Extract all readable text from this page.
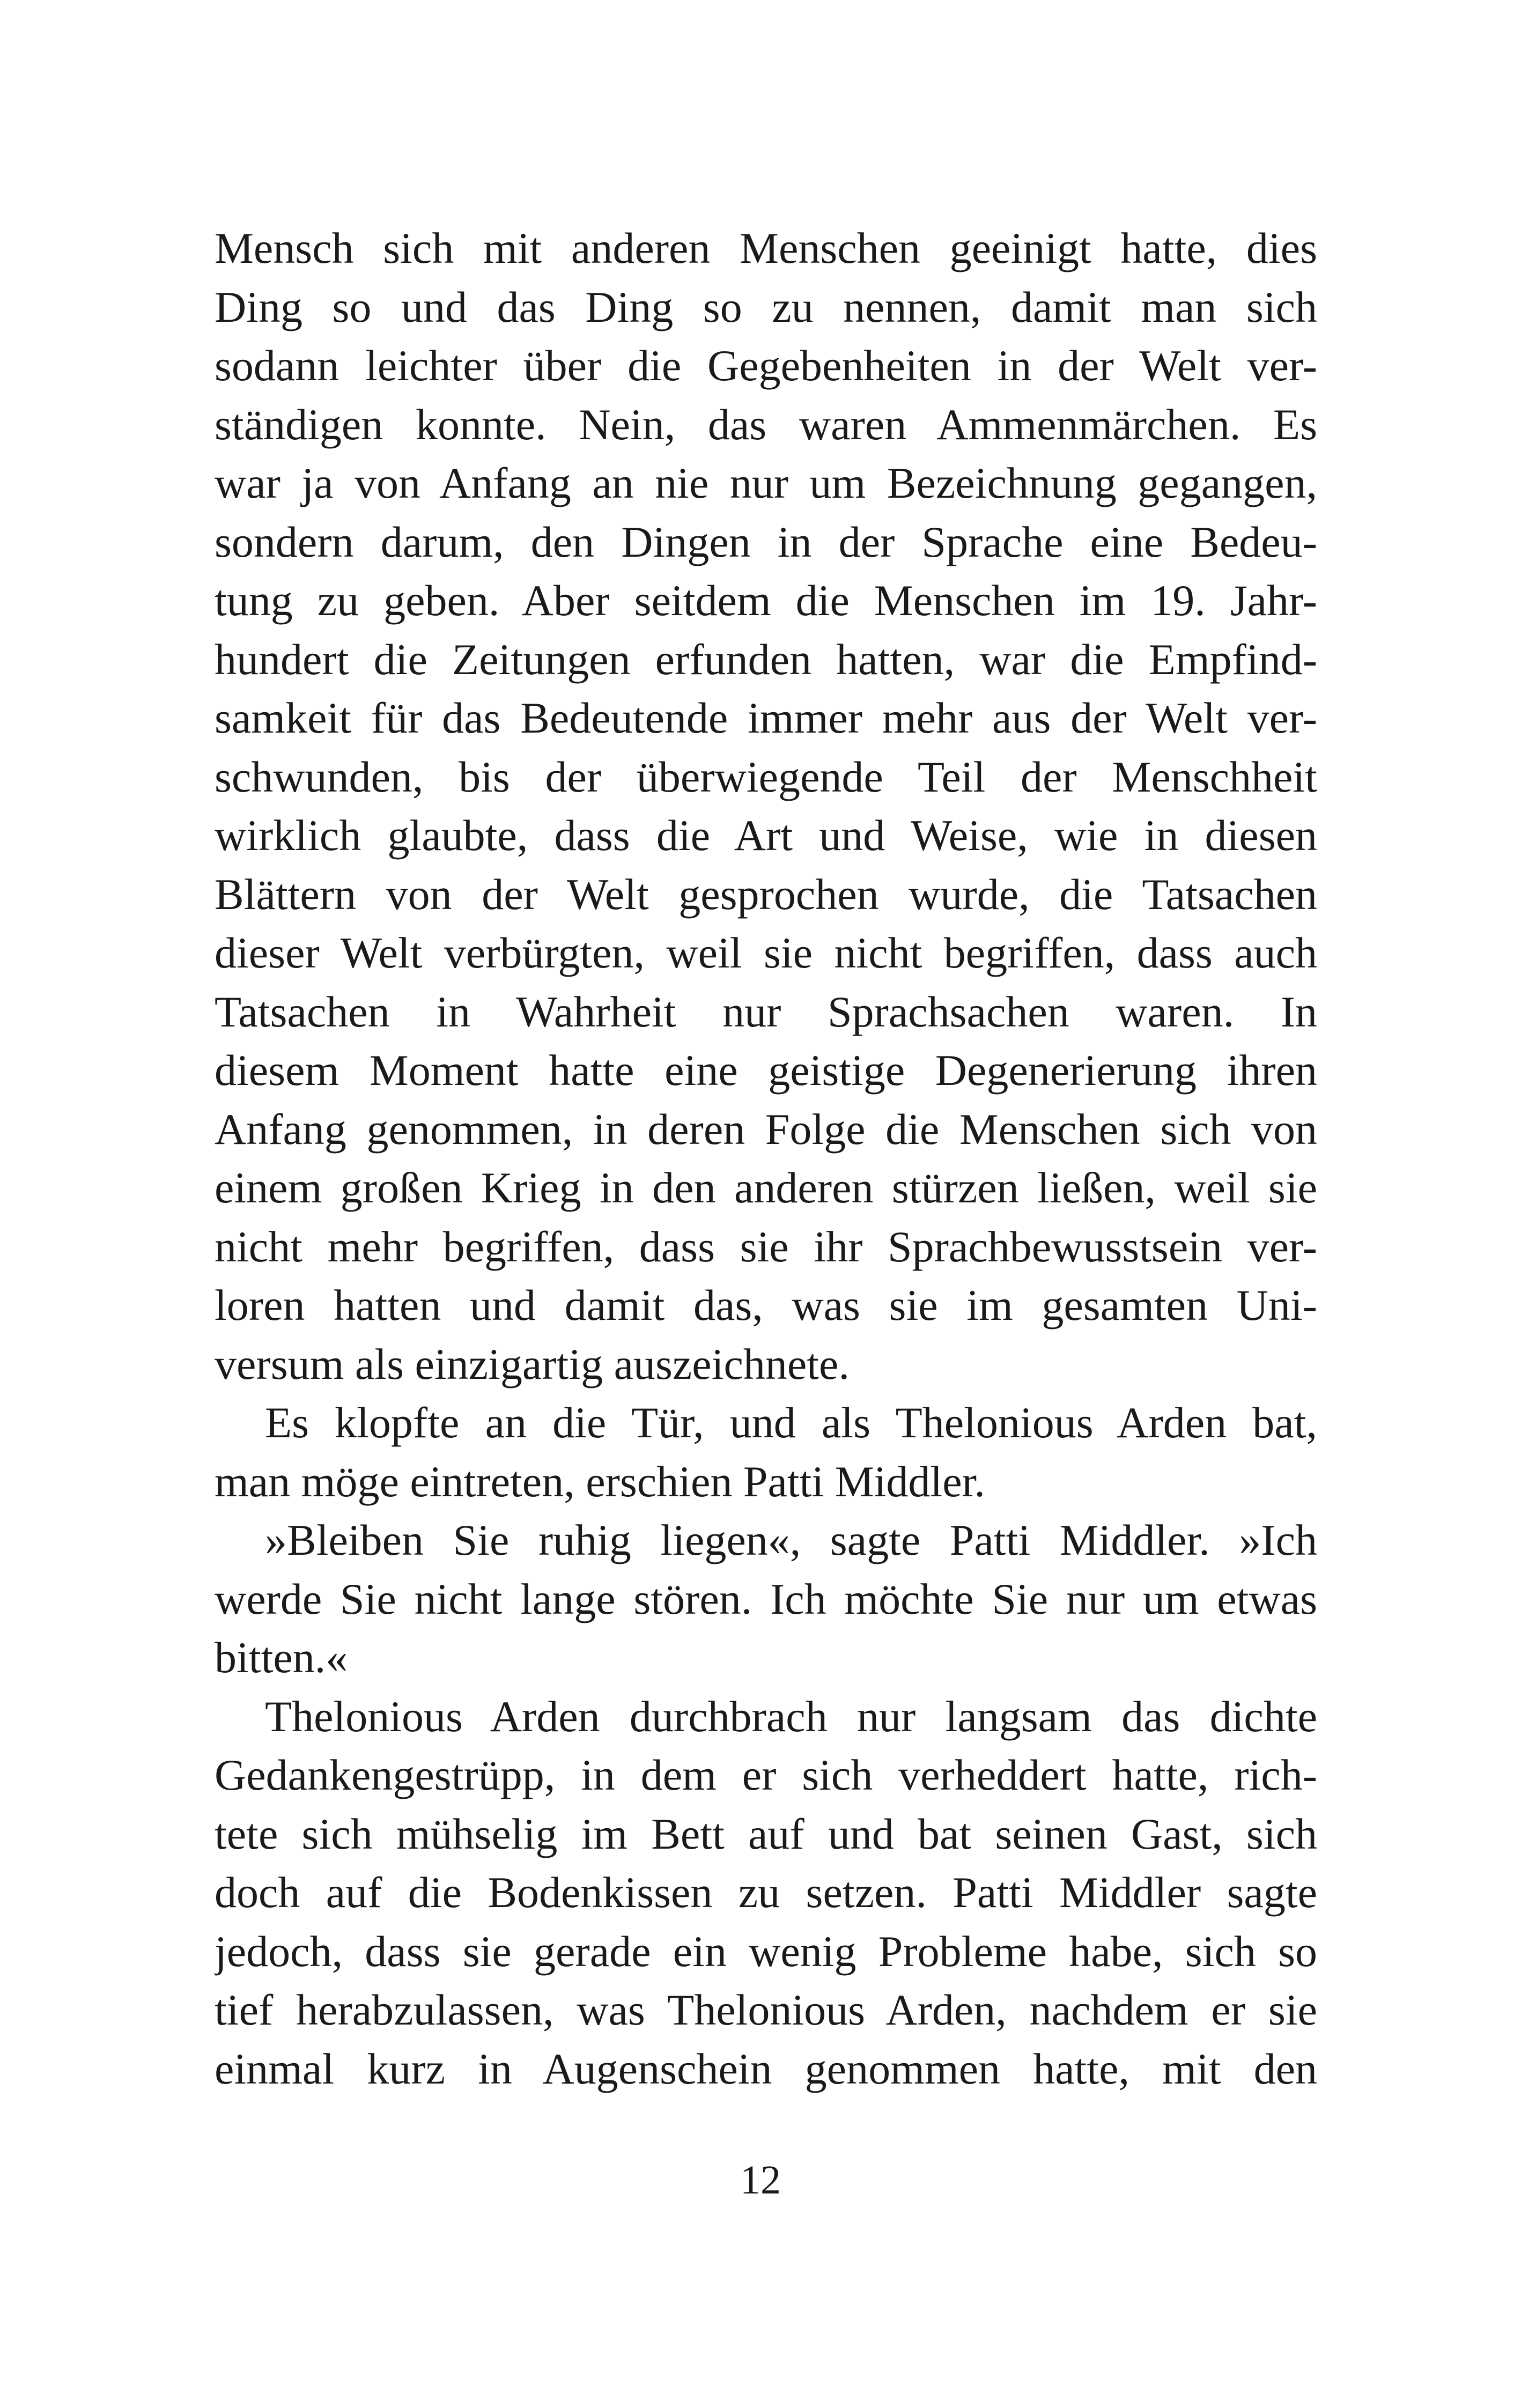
Mensch sich mit anderen Menschen geeinigt hatte, dies
Ding so und das Ding so zu nennen, damit man sich
sodann leichter über die Gegebenheiten in der Welt ver-
ständigen konnte. Nein, das waren Ammenmärchen. Es
war ja von Anfang an nie nur um Bezeichnung gegangen,
sondern darum, den Dingen in der Sprache eine Bedeu-
tung zu geben. Aber seitdem die Menschen im 19. Jahr-
hundert die Zeitungen erfunden hatten, war die Empfind-
samkeit für das Bedeutende immer mehr aus der Welt ver-
schwunden, bis der überwiegende Teil der Menschheit
wirklich glaubte, dass die Art und Weise, wie in diesen
Blättern von der Welt gesprochen wurde, die Tatsachen
dieser Welt verbürgten, weil sie nicht begriffen, dass auch
Tatsachen in Wahrheit nur Sprachsachen waren. In
diesem Moment hatte eine geistige Degenerierung ihren
Anfang genommen, in deren Folge die Menschen sich von
einem großen Krieg in den anderen stürzen ließen, weil sie
nicht mehr begriffen, dass sie ihr Sprachbewusstsein ver-
loren hatten und damit das, was sie im gesamten Uni-
versum als einzigartig auszeichnete.
Es klopfte an die Tür, und als Thelonious Arden bat,
man möge eintreten, erschien Patti Middler.
»Bleiben Sie ruhig liegen«, sagte Patti Middler. »Ich
werde Sie nicht lange stören. Ich möchte Sie nur um etwas
bitten.«
Thelonious Arden durchbrach nur langsam das dichte
Gedankengestrüpp, in dem er sich verheddert hatte, rich-
tete sich mühselig im Bett auf und bat seinen Gast, sich
doch auf die Bodenkissen zu setzen. Patti Middler sagte
jedoch, dass sie gerade ein wenig Probleme habe, sich so
tief herabzulassen, was Thelonious Arden, nachdem er sie
einmal kurz in Augenschein genommen hatte, mit den
12
